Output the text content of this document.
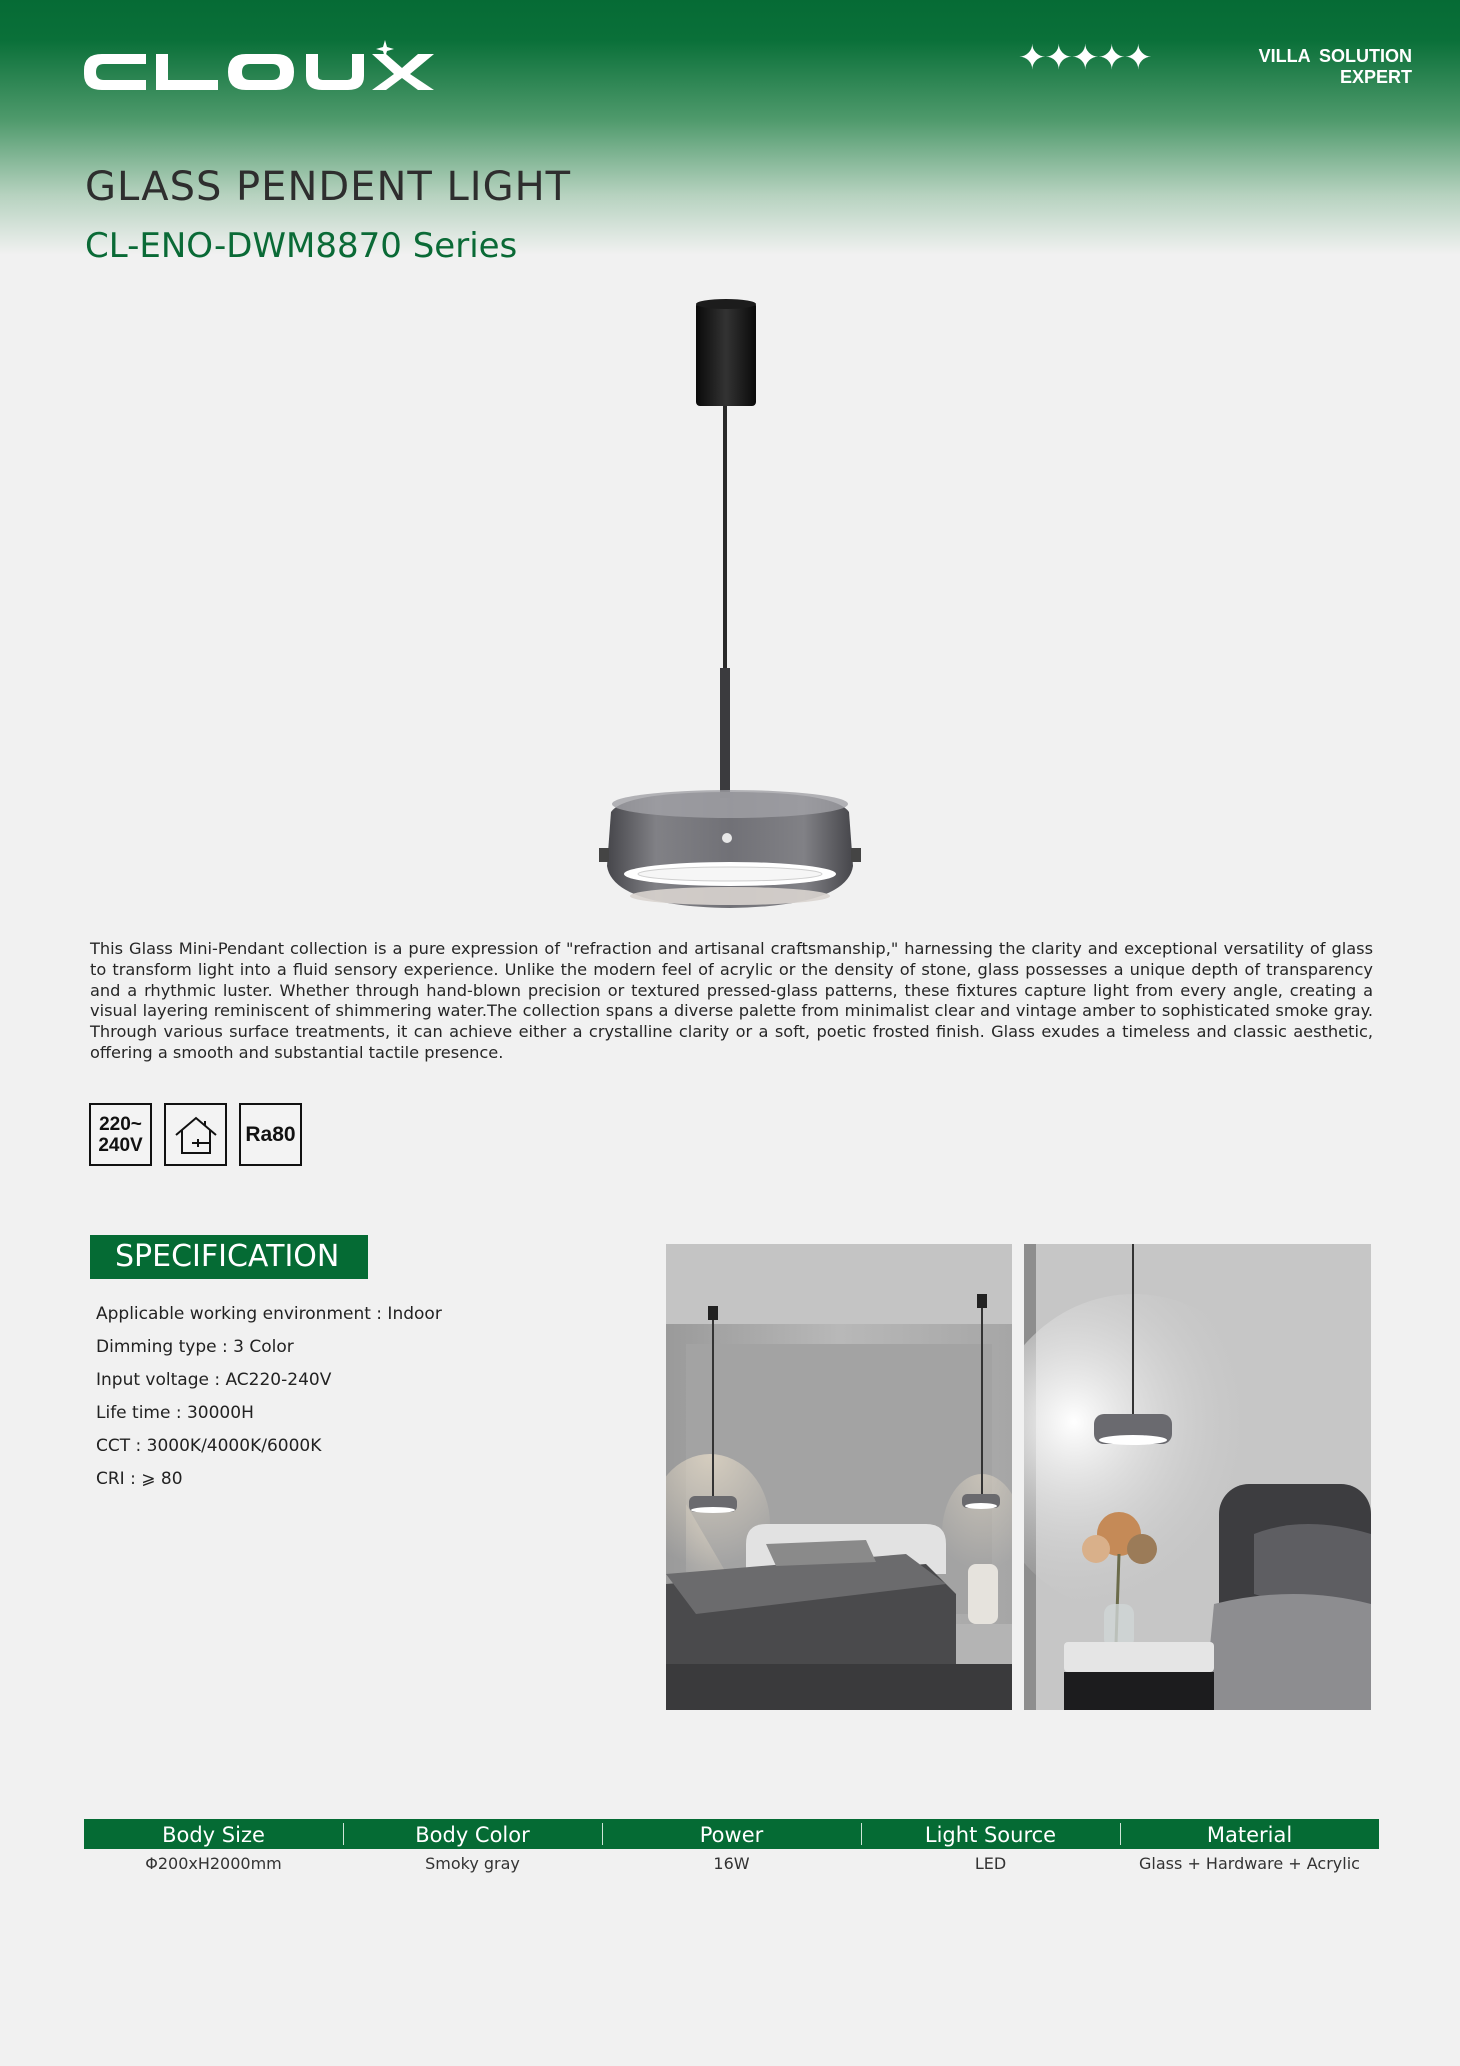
✦✦✦✦✦	VILLA SOLUTION EXPERT
GLASS PENDENT LIGHT
CL-ENO-DWM8870 Series
This Glass Mini-Pendant collection is a pure expression of "refraction and artisanal craftsmanship," harnessing the clarity and exceptional versatility of glass to transform light into a fluid sensory experience. Unlike the modern feel of acrylic or the density of stone, glass possesses a unique depth of transparency and a rhythmic luster. Whether through hand-blown precision or textured pressed-glass patterns, these fixtures capture light from every angle, creating a visual layering reminiscent of shimmering water.The collection spans a diverse palette from minimalist clear and vintage amber to sophisticated smoke gray. Through various surface treatments, it can achieve either a crystalline clarity or a soft, poetic frosted finish. Glass exudes a timeless and classic aesthetic, offering a smooth and substantial tactile presence.
220~
240V	Ra80
SPECIFICATION
Applicable working environment : Indoor
Dimming type : 3 Color
Input voltage : AC220-240V
Life time : 30000H
CCT : 3000K/4000K/6000K
CRI : ⩾ 80
Body Size	Body Color	Power	Light Source	Material
Φ200xH2000mm	Smoky gray	16W	LED	Glass + Hardware + Acrylic
